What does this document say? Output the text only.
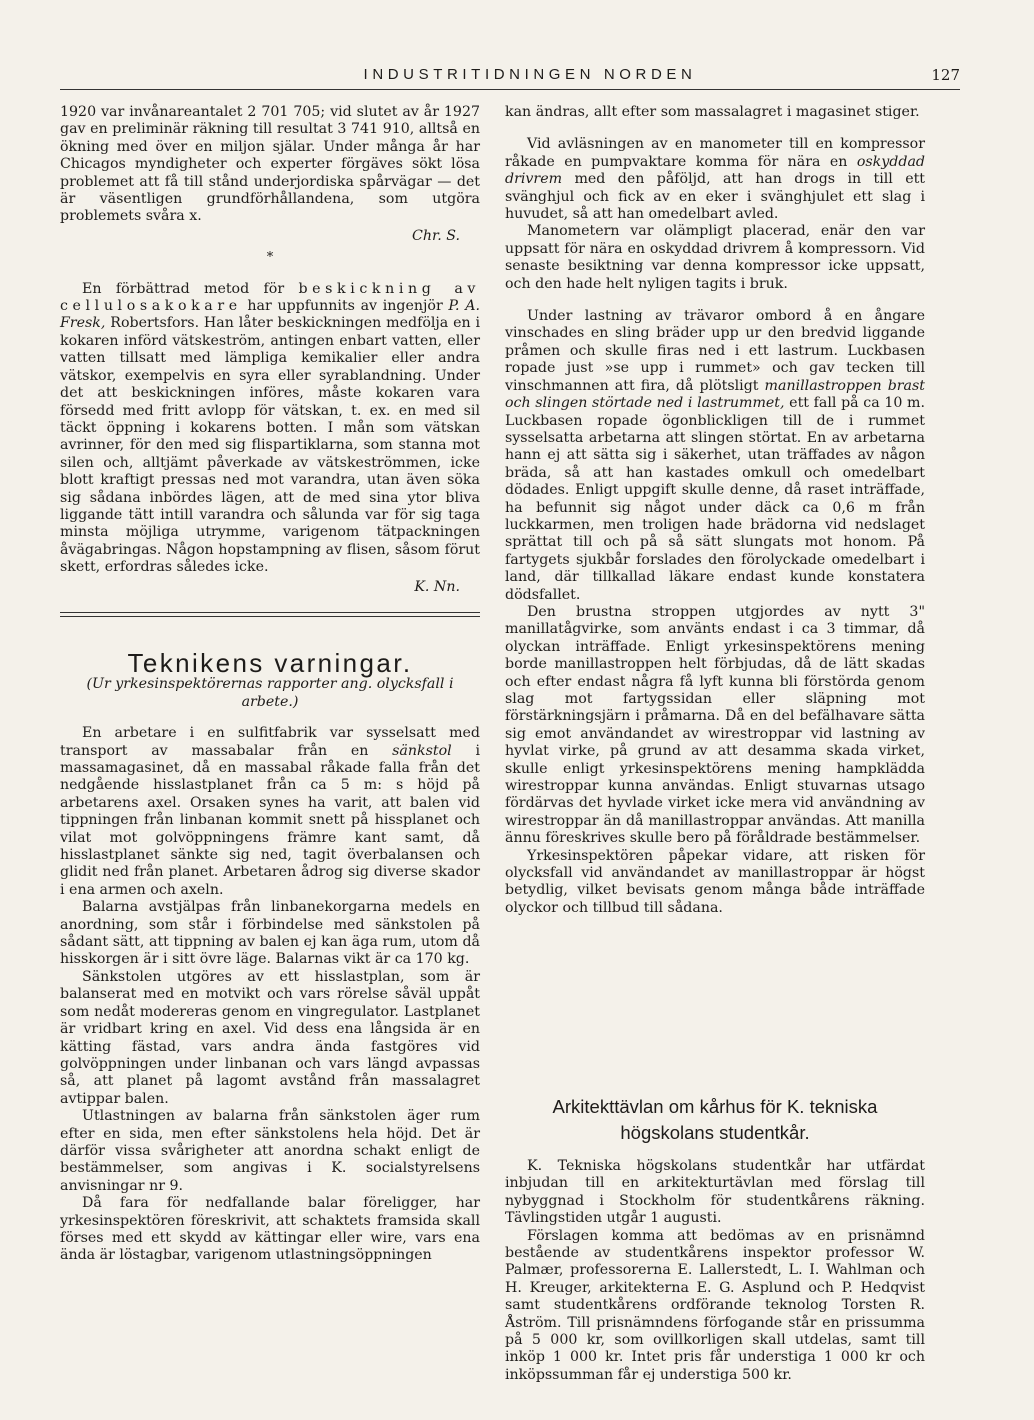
INDUSTRITIDNINGEN NORDEN	127

1920 var invånareantalet 2 701 705; vid slutet av år 1927 gav en preliminär räkning till resultat 3 741 910, alltså en ökning med över en miljon själar. Under många år har Chicagos myndigheter och experter förgäves sökt lösa problemet att få till stånd underjordiska spårvägar — det är väsentligen grundförhållandena, som utgöra problemets svåra x.

Chr. S.
*

En förbättrad metod för beskickning av cellulosakokare har uppfunnits av ingenjör P. A. Fresk, Robertsfors. Han låter beskickningen medfölja en i kokaren införd vätskeström, antingen enbart vatten, eller vatten tillsatt med lämpliga kemikalier eller andra vätskor, exempelvis en syra eller syrablandning. Under det att beskickningen införes, måste kokaren vara försedd med fritt avlopp för vätskan, t. ex. en med sil täckt öppning i kokarens botten. I mån som vätskan avrinner, för den med sig flispartiklarna, som stanna mot silen och, alltjämt påverkade av vätskeströmmen, icke blott kraftigt pressas ned mot varandra, utan även söka sig sådana inbördes lägen, att de med sina ytor bliva liggande tätt intill varandra och sålunda var för sig taga minsta möjliga utrymme, varigenom tätpackningen åvägabringas. Någon hopstampning av flisen, såsom förut skett, erfordras således icke.

K. Nn.
Teknikens varningar.
(Ur yrkesinspektörernas rapporter ang. olycksfall i arbete.)

En arbetare i en sulfitfabrik var sysselsatt med transport av massabalar från en sänkstol i massamagasinet, då en massabal råkade falla från det nedgående hisslastplanet från ca 5 m: s höjd på arbetarens axel. Orsaken synes ha varit, att balen vid tippningen från linbanan kommit snett på hissplanet och vilat mot golvöppningens främre kant samt, då hisslastplanet sänkte sig ned, tagit överbalansen och glidit ned från planet. Arbetaren ådrog sig diverse skador i ena armen och axeln.

Balarna avstjälpas från linbanekorgarna medels en anordning, som står i förbindelse med sänkstolen på sådant sätt, att tippning av balen ej kan äga rum, utom då hisskorgen är i sitt övre läge. Balarnas vikt är ca 170 kg.

Sänkstolen utgöres av ett hisslastplan, som är balanserat med en motvikt och vars rörelse såväl uppåt som nedåt modereras genom en vingregulator. Lastplanet är vridbart kring en axel. Vid dess ena långsida är en kätting fästad, vars andra ända fastgöres vid golvöppningen under linbanan och vars längd avpassas så, att planet på lagomt avstånd från massalagret avtippar balen.

Utlastningen av balarna från sänkstolen äger rum efter en sida, men efter sänkstolens hela höjd. Det är därför vissa svårigheter att anordna schakt enligt de bestämmelser, som angivas i K. socialstyrelsens anvisningar nr 9.

Då fara för nedfallande balar föreligger, har yrkesinspektören föreskrivit, att schaktets framsida skall förses med ett skydd av kättingar eller wire, vars ena ända är löstagbar, varigenom utlastningsöppningen

kan ändras, allt efter som massalagret i magasinet stiger.

Vid avläsningen av en manometer till en kompressor råkade en pumpvaktare komma för nära en oskyddad drivrem med den påföljd, att han drogs in till ett svänghjul och fick av en eker i svänghjulet ett slag i huvudet, så att han omedelbart avled.

Manometern var olämpligt placerad, enär den var uppsatt för nära en oskyddad drivrem å kompressorn. Vid senaste besiktning var denna kompressor icke uppsatt, och den hade helt nyligen tagits i bruk.

Under lastning av trävaror ombord å en ångare vinschades en sling bräder upp ur den bredvid liggande pråmen och skulle firas ned i ett lastrum. Luckbasen ropade just »se upp i rummet» och gav tecken till vinschmannen att fira, då plötsligt manillastroppen brast och slingen störtade ned i lastrummet, ett fall på ca 10 m. Luckbasen ropade ögonblickligen till de i rummet sysselsatta arbetarna att slingen störtat. En av arbetarna hann ej att sätta sig i säkerhet, utan träffades av någon bräda, så att han kastades omkull och omedelbart dödades. Enligt uppgift skulle denne, då raset inträffade, ha befunnit sig något under däck ca 0,6 m från luckkarmen, men troligen hade brädorna vid nedslaget sprättat till och på så sätt slungats mot honom. På fartygets sjukbår forslades den förolyckade omedelbart i land, där tillkallad läkare endast kunde konstatera dödsfallet.

Den brustna stroppen utgjordes av nytt 3" manillatågvirke, som använts endast i ca 3 timmar, då olyckan inträffade. Enligt yrkesinspektörens mening borde manillastroppen helt förbjudas, då de lätt skadas och efter endast några få lyft kunna bli förstörda genom slag mot fartygssidan eller släpning mot förstärkningsjärn i pråmarna. Då en del befälhavare sätta sig emot användandet av wirestroppar vid lastning av hyvlat virke, på grund av att desamma skada virket, skulle enligt yrkesinspektörens mening hampklädda wirestroppar kunna användas. Enligt stuvarnas utsago fördärvas det hyvlade virket icke mera vid användning av wirestroppar än då manillastroppar användas. Att manilla ännu föreskrives skulle bero på föråldrade bestämmelser.

Yrkesinspektören påpekar vidare, att risken för olycksfall vid användandet av manillastroppar är högst betydlig, vilket bevisats genom många både inträffade olyckor och tillbud till sådana.

Arkitekttävlan om kårhus för K. tekniska
högskolans studentkår.

K. Tekniska högskolans studentkår har utfärdat inbjudan till en arkitekturtävlan med förslag till nybyggnad i Stockholm för studentkårens räkning. Tävlingstiden utgår 1 augusti.

Förslagen komma att bedömas av en prisnämnd bestående av studentkårens inspektor professor W. Palmær, professorerna E. Lallerstedt, L. I. Wahlman och H. Kreuger, arkitekterna E. G. Asplund och P. Hedqvist samt studentkårens ordförande teknolog Torsten R. Åström. Till prisnämndens förfogande står en prissumma på 5 000 kr, som ovillkorligen skall utdelas, samt till inköp 1 000 kr. Intet pris får understiga 1 000 kr och inköpssumman får ej understiga 500 kr.
